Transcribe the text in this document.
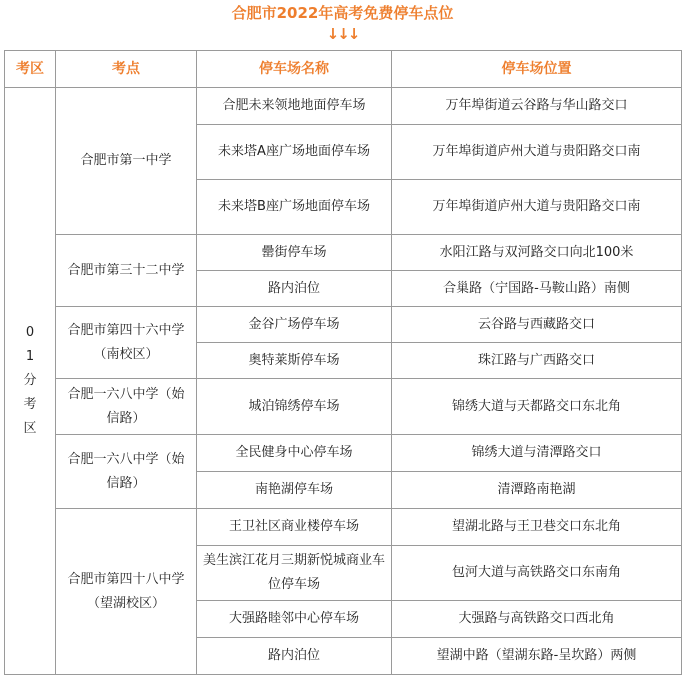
合肥市2022年高考免费停车点位
↓↓↓
考区	考点	停车场名称	停车场位置
01分考区	合肥市第一中学	合肥未来领地地面停车场	万年埠街道云谷路与华山路交口
		未来塔A座广场地面停车场	万年埠街道庐州大道与贵阳路交口南
		未来塔B座广场地面停车场	万年埠街道庐州大道与贵阳路交口南
	合肥市第三十二中学	罍街停车场	水阳江路与双河路交口向北100米
		路内泊位	合巢路（宁国路-马鞍山路）南侧
	合肥市第四十六中学（南校区）	金谷广场停车场	云谷路与西藏路交口
		奥特莱斯停车场	珠江路与广西路交口
	合肥一六八中学（始信路）	城泊锦绣停车场	锦绣大道与天都路交口东北角
	合肥一六八中学（始信路）	全民健身中心停车场	锦绣大道与清潭路交口
		南艳湖停车场	清潭路南艳湖
	合肥市第四十八中学（望湖校区）	王卫社区商业楼停车场	望湖北路与王卫巷交口东北角
		美生滨江花月三期新悦城商业车位停车场	包河大道与高铁路交口东南角
		大强路睦邻中心停车场	大强路与高铁路交口西北角
		路内泊位	望湖中路（望湖东路-呈坎路）两侧
